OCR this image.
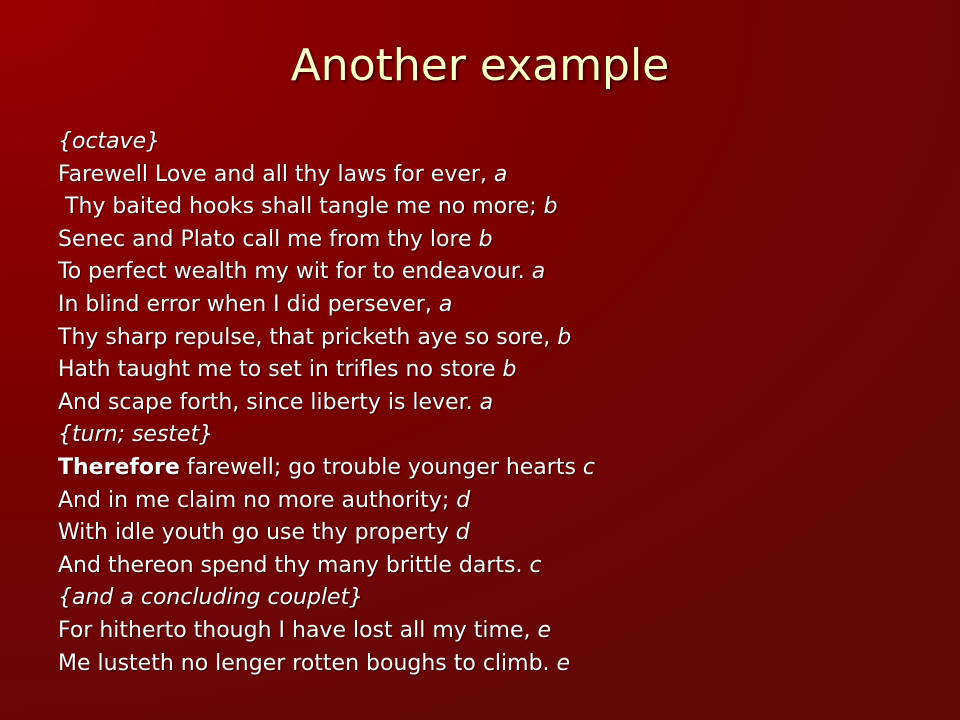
Another example
{octave}
Farewell Love and all thy laws for ever, a
Thy baited hooks shall tangle me no more; b
Senec and Plato call me from thy lore b
To perfect wealth my wit for to endeavour. a
In blind error when I did persever, a
Thy sharp repulse, that pricketh aye so sore, b
Hath taught me to set in trifles no store b
And scape forth, since liberty is lever. a
{turn; sestet}
Therefore farewell; go trouble younger hearts c
And in me claim no more authority; d
With idle youth go use thy property d
And thereon spend thy many brittle darts. c
{and a concluding couplet}
For hitherto though I have lost all my time, e
Me lusteth no lenger rotten boughs to climb. e
